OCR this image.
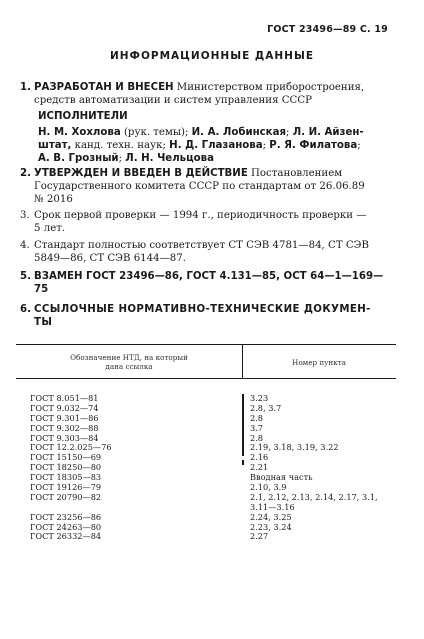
ГОСТ 23496—89 С. 19
ИНФОРМАЦИОННЫЕ ДАННЫЕ
1. РАЗРАБОТАН И ВНЕСЕН Министерством приборостроения,
средств автоматизации и систем управления СССР
ИСПОЛНИТЕЛИ
Н. М. Хохлова (рук. темы); И. А. Лобинская; Л. И. Айзен-
штат, канд. техн. наук; Н. Д. Глазанова; Р. Я. Филатова;
А. В. Грозный; Л. Н. Чельцова
2. УТВЕРЖДЕН И ВВЕДЕН В ДЕЙСТВИЕ Постановлением
Государственного комитета СССР по стандартам от 26.06.89
№ 2016
3. Срок первой проверки — 1994 г., периодичность проверки —
5 лет.
4. Стандарт полностью соответствует СТ СЭВ 4781—84, СТ СЭВ
5849—86, СТ СЭВ 6144—87.
5. ВЗАМЕН ГОСТ 23496—86, ГОСТ 4.131—85, ОСТ 64—1—169—
75
6. ССЫЛОЧНЫЕ НОРМАТИВНО-ТЕХНИЧЕСКИЕ ДОКУМЕН-
ТЫ
Обозначение НТД, на который
дана ссылка	Номер пункта
ГОСТ 8.051—81	3.23
ГОСТ 9.032—74	2.8, 3.7
ГОСТ 9.301—86	2.8
ГОСТ 9.302—88	3.7
ГОСТ 9.303—84	2.8
ГОСТ 12.2.025—76	2.19, 3.18, 3.19, 3.22
ГОСТ 15150—69	2.16
ГОСТ 18250—80	2.21
ГОСТ 18305—83	Вводная часть
ГОСТ 19126—79	2.10, 3.9
ГОСТ 20790—82	2.1, 2.12, 2.13, 2.14, 2.17, 3.1,
3.11—3.16
ГОСТ 23256—86	2.24, 3.25
ГОСТ 24263—80	2.23, 3.24
ГОСТ 26332—84	2.27
